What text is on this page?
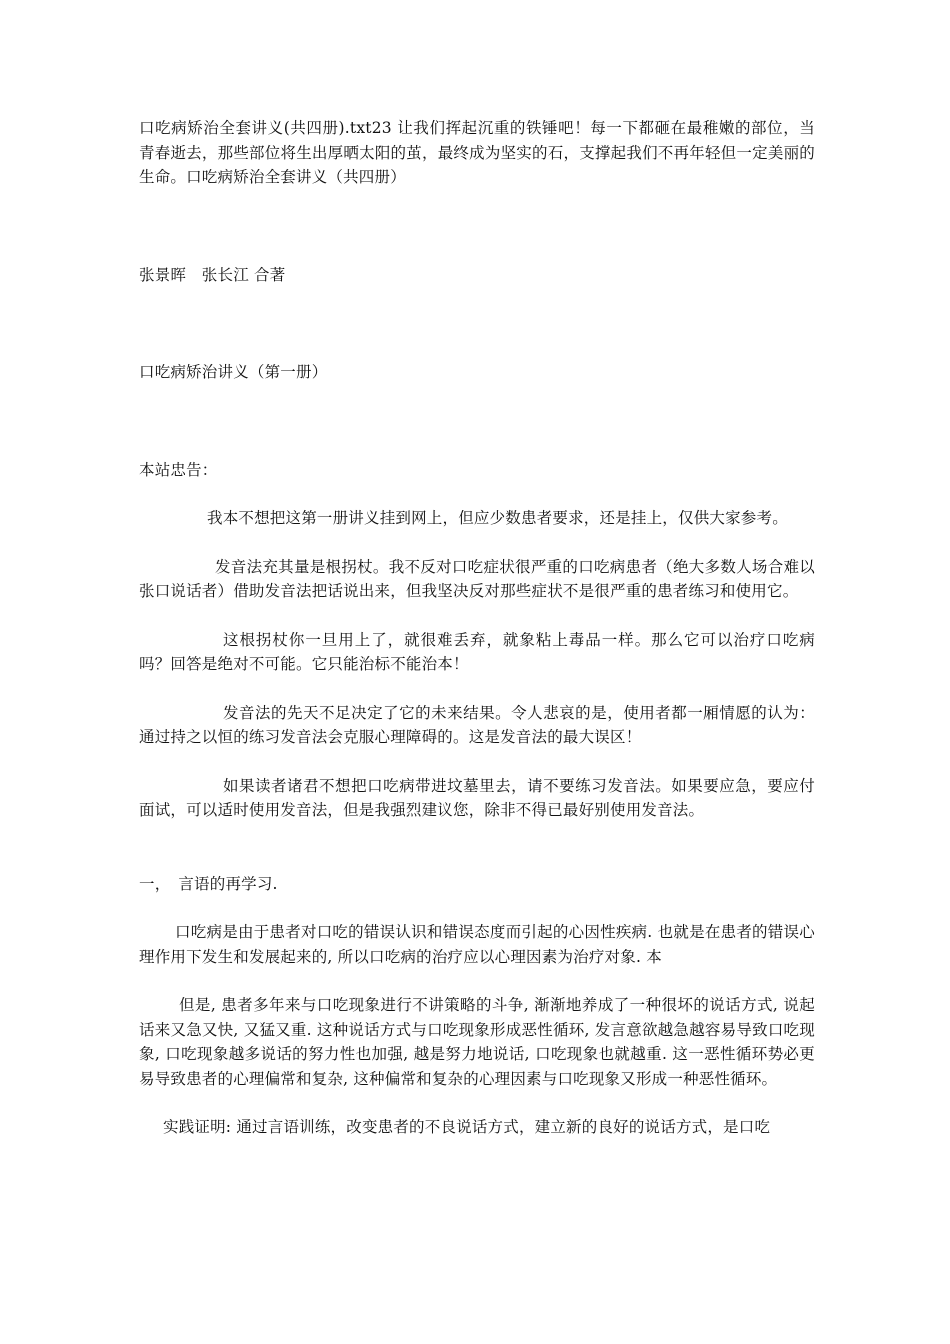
口吃病矫治全套讲义(共四册).txt23 让我们挥起沉重的铁锤吧！每一下都砸在最稚嫩的部位，当青春逝去，那些部位将生出厚晒太阳的茧，最终成为坚实的石，支撑起我们不再年轻但一定美丽的生命。口吃病矫治全套讲义（共四册）

张景晖　张长江 合著

口吃病矫治讲义（第一册）

本站忠告：

我本不想把这第一册讲义挂到网上，但应少数患者要求，还是挂上，仅供大家参考。

发音法充其量是根拐杖。我不反对口吃症状很严重的口吃病患者（绝大多数人场合难以张口说话者）借助发音法把话说出来，但我坚决反对那些症状不是很严重的患者练习和使用它。

这根拐杖你一旦用上了，就很难丢弃，就象粘上毒品一样。那么它可以治疗口吃病吗？回答是绝对不可能。它只能治标不能治本！

发音法的先天不足决定了它的未来结果。令人悲哀的是，使用者都一厢情愿的认为：通过持之以恒的练习发音法会克服心理障碍的。这是发音法的最大误区！

如果读者诸君不想把口吃病带进坟墓里去，请不要练习发音法。如果要应急，要应付面试，可以适时使用发音法，但是我强烈建议您，除非不得已最好别使用发音法。

一，　言语的再学习.

口吃病是由于患者对口吃的错误认识和错误态度而引起的心因性疾病. 也就是在患者的错误心理作用下发生和发展起来的, 所以口吃病的治疗应以心理因素为治疗对象. 本

但是, 患者多年来与口吃现象进行不讲策略的斗争, 渐渐地养成了一种很坏的说话方式, 说起话来又急又快, 又猛又重. 这种说话方式与口吃现象形成恶性循环, 发言意欲越急越容易导致口吃现象, 口吃现象越多说话的努力性也加强, 越是努力地说话, 口吃现象也就越重. 这一恶性循环势必更易导致患者的心理偏常和复杂, 这种偏常和复杂的心理因素与口吃现象又形成一种恶性循环。

实践证明: 通过言语训练，改变患者的不良说话方式，建立新的良好的说话方式，是口吃
